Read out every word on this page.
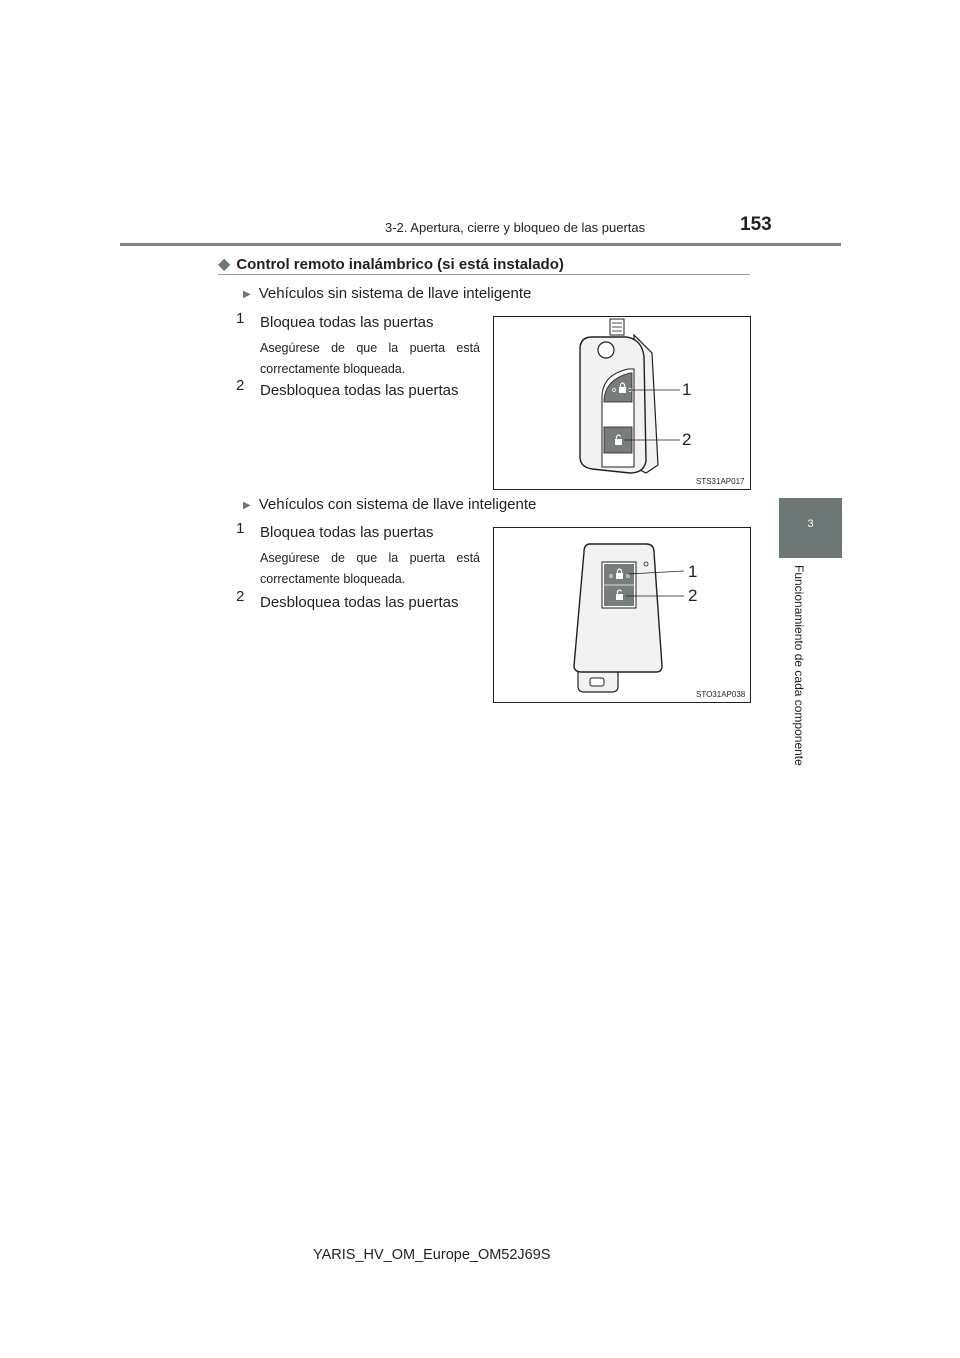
3-2. Apertura, cierre y bloqueo de las puertas	153
3
Funcionamiento de cada componente
◆ Control remoto inalámbrico (si está instalado)
▶ Vehículos sin sistema de llave inteligente
1	Bloquea todas las puertas
Asegúrese de que la puerta está correctamente bloqueada.
2	Desbloquea todas las puertas	1
2
STS31AP017
▶ Vehículos con sistema de llave inteligente
1	Bloquea todas las puertas
Asegúrese de que la puerta está correctamente bloqueada.
2	Desbloquea todas las puertas
1
2
STO31AP038
YARIS_HV_OM_Europe_OM52J69S
